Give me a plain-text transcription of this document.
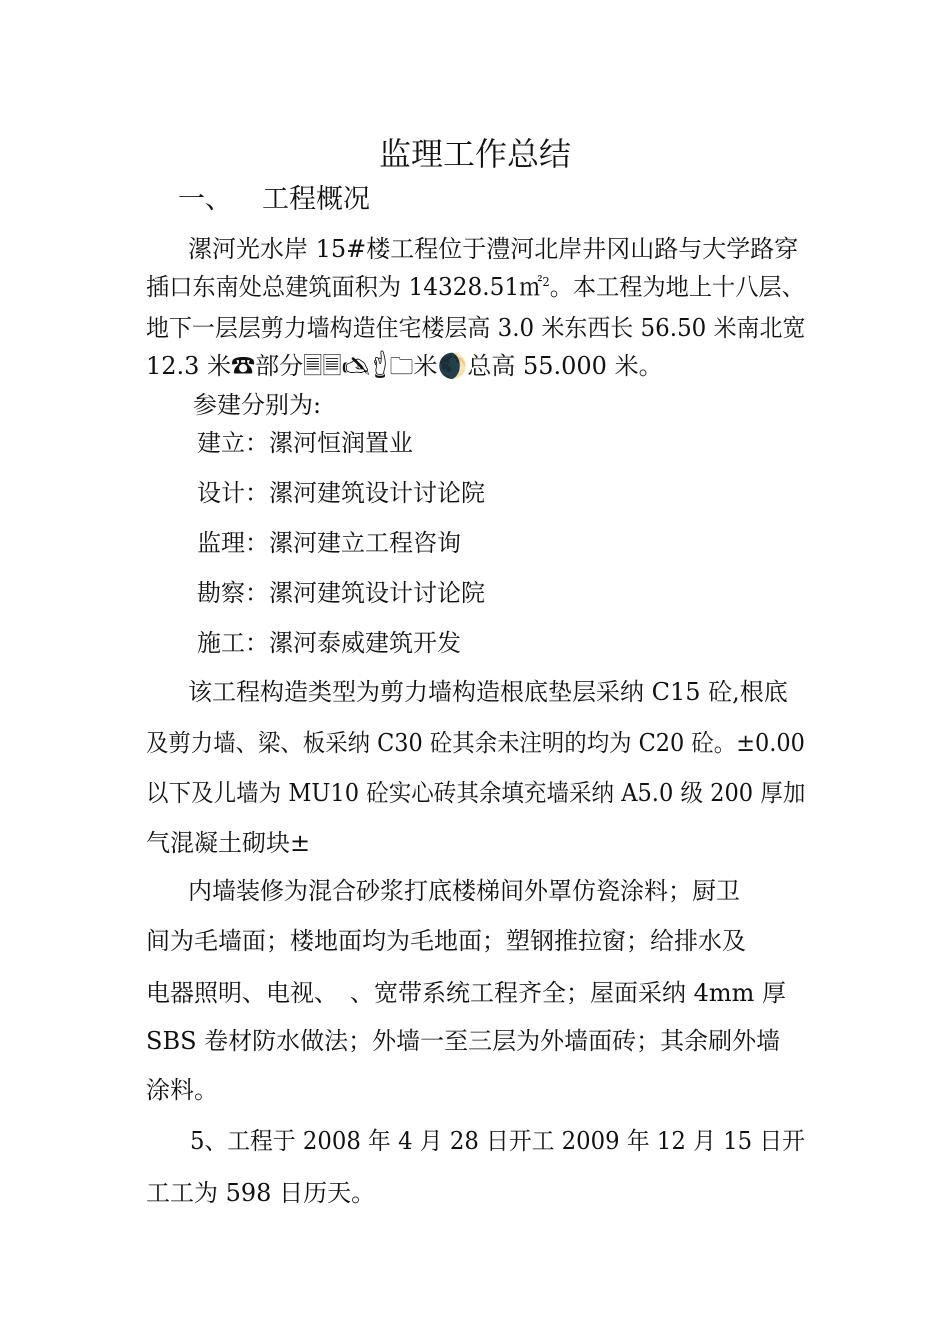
监理工作总结
一、 工程概况
漯河光水岸 15#楼工程位于澧河北岸井冈山路与大学路穿
插口东南处总建筑面积为 14328.51㎡$^2$。本工程为地上十八层、
地下一层层剪力墙构造住宅楼层高 3.0 米东西长 56.50 米南北宽
12.3 米☎部分🗏🗏🖎🖞🗀米🌒总高 55.000 米。
参建分别为:
建立：漯河恒润置业
设计：漯河建筑设计讨论院
监理：漯河建立工程咨询
勘察：漯河建筑设计讨论院
施工：漯河泰威建筑开发
该工程构造类型为剪力墙构造根底垫层采纳 C15 砼,根底
及剪力墙、梁、板采纳 C30 砼其余未注明的均为 C20 砼。±0.00
以下及儿墙为 MU10 砼实心砖其余填充墙采纳 A5.0 级 200 厚加
气混凝土砌块±
内墙装修为混合砂浆打底楼梯间外罩仿瓷涂料；厨卫
间为毛墙面；楼地面均为毛地面；塑钢推拉窗；给排水及
电器照明、电视、　、宽带系统工程齐全；屋面采纳 4mm 厚
SBS 卷材防水做法；外墙一至三层为外墙面砖；其余刷外墙
涂料。
5、工程于 2008 年 4 月 28 日开工 2009 年 12 月 15 日开
工工为 598 日历天。
